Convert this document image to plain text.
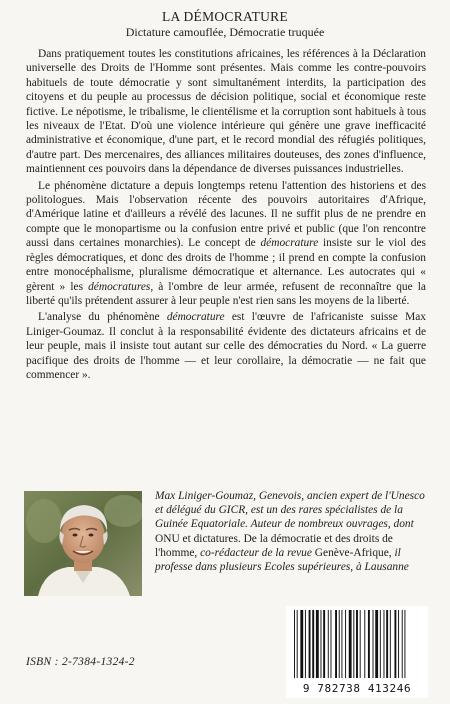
LA DÉMOCRATURE
Dictature camouflée, Démocratie truquée

Dans pratiquement toutes les constitutions africaines, les références à la Déclaration universelle des Droits de l'Homme sont présentes. Mais comme les contre-pouvoirs habituels de toute démocratie y sont simultanément interdits, la participation des citoyens et du peuple au processus de décision politique, social et économique reste fictive. Le népotisme, le tribalisme, le clientélisme et la corruption sont habituels à tous les niveaux de l'Etat. D'où une violence intérieure qui génère une grave inefficacité administrative et économique, d'une part, et le record mondial des réfugiés politiques, d'autre part. Des mercenaires, des alliances militaires douteuses, des zones d'influence, maintiennent ces pouvoirs dans la dépendance de diverses puissances industrielles.

Le phénomène dictature a depuis longtemps retenu l'attention des historiens et des politologues. Mais l'observation récente des pouvoirs autoritaires d'Afrique, d'Amérique latine et d'ailleurs a révélé des lacunes. Il ne suffit plus de ne prendre en compte que le monopartisme ou la confusion entre privé et public (que l'on rencontre aussi dans certaines monarchies). Le concept de démocrature insiste sur le viol des règles démocratiques, et donc des droits de l'homme ; il prend en compte la confusion entre monocéphalisme, pluralisme démocratique et alternance. Les autocrates qui « gèrent » les démocratures, à l'ombre de leur armée, refusent de reconnaître que la liberté qu'ils prétendent assurer à leur peuple n'est rien sans les moyens de la liberté.

L'analyse du phénomène démocrature est l'œuvre de l'africaniste suisse Max Liniger-Goumaz. Il conclut à la responsabilité évidente des dictateurs africains et de leur peuple, mais il insiste tout autant sur celle des démocraties du Nord. « La guerre pacifique des droits de l'homme — et leur corollaire, la démocratie — ne fait que commencer ».

Max Liniger-Goumaz, Genevois, ancien expert de l'Unesco et délégué du GICR, est un des rares spécialistes de la Guinée Equatoriale. Auteur de nombreux ouvrages, dont ONU et dictatures. De la démocratie et des droits de l'homme, co-rédacteur de la revue Genève-Afrique, il professe dans plusieurs Ecoles supérieures, à Lausanne
ISBN : 2-7384-1324-2
9 782738 413246
